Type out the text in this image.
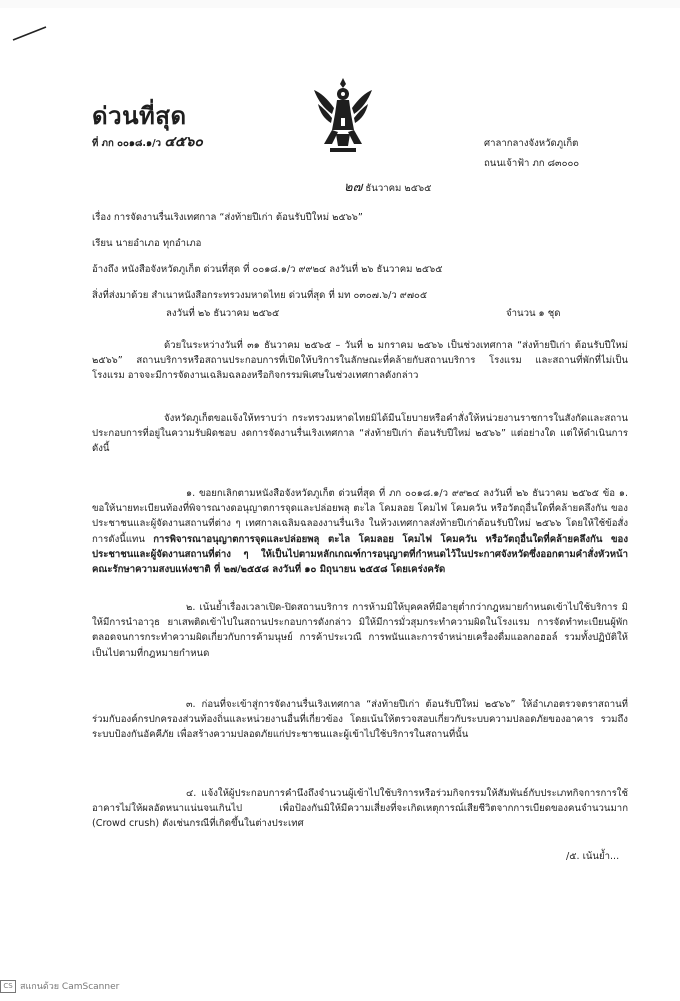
ด่วนที่สุด
ที่ ภก ๐๐๑๘.๑/ว ๔๕๖๐	ศาลากลางจังหวัดภูเก็ต
ถนนเจ้าฟ้า ภก ๘๓๐๐๐
๒๗ ธันวาคม ๒๕๖๕
เรื่อง การจัดงานรื่นเริงเทศกาล “ส่งท้ายปีเก่า ต้อนรับปีใหม่ ๒๕๖๖”
เรียน นายอำเภอ ทุกอำเภอ
อ้างถึง หนังสือจังหวัดภูเก็ต ด่วนที่สุด ที่ ๐๐๑๘.๑/ว ๙๙๒๔ ลงวันที่ ๒๖ ธันวาคม ๒๕๖๕
สิ่งที่ส่งมาด้วย สำเนาหนังสือกระทรวงมหาดไทย ด่วนที่สุด ที่ มท ๐๓๐๗.๖/ว ๙๗๐๕
ลงวันที่ ๒๖ ธันวาคม ๒๕๖๕	จำนวน ๑ ชุด
ด้วยในระหว่างวันที่ ๓๑ ธันวาคม ๒๕๖๕ – วันที่ ๒ มกราคม ๒๕๖๖ เป็นช่วงเทศกาล “ส่งท้ายปีเก่า ต้อนรับปีใหม่ ๒๕๖๖” สถานบริการหรือสถานประกอบการที่เปิดให้บริการในลักษณะที่คล้ายกับสถานบริการ โรงแรม และสถานที่พักที่ไม่เป็นโรงแรม อาจจะมีการจัดงานเฉลิมฉลองหรือกิจกรรมพิเศษในช่วงเทศกาลดังกล่าว
จังหวัดภูเก็ตขอแจ้งให้ทราบว่า กระทรวงมหาดไทยมิได้มีนโยบายหรือคำสั่งให้หน่วยงานราชการในสังกัดและสถานประกอบการที่อยู่ในความรับผิดชอบ งดการจัดงานรื่นเริงเทศกาล “ส่งท้ายปีเก่า ต้อนรับปีใหม่ ๒๕๖๖” แต่อย่างใด แต่ให้ดำเนินการ ดังนี้
๑. ขอยกเลิกตามหนังสือจังหวัดภูเก็ต ด่วนที่สุด ที่ ภก ๐๐๑๘.๑/ว ๙๙๒๔ ลงวันที่ ๒๖ ธันวาคม ๒๕๖๕ ข้อ ๑. ขอให้นายทะเบียนท้องที่พิจารณางดอนุญาตการจุดและปล่อยพลุ ตะไล โคมลอย โคมไฟ โคมควัน หรือวัตถุอื่นใดที่คล้ายคลึงกัน ของประชาชนและผู้จัดงานสถานที่ต่าง ๆ เทศกาลเฉลิมฉลองงานรื่นเริง ในห้วงเทศกาลส่งท้ายปีเก่าต้อนรับปีใหม่ ๒๕๖๖ โดยให้ใช้ข้อสั่งการดังนี้แทน การพิจารณาอนุญาตการจุดและปล่อยพลุ ตะไล โคมลอย โคมไฟ โคมควัน หรือวัตถุอื่นใดที่คล้ายคลึงกัน ของประชาชนและผู้จัดงานสถานที่ต่าง ๆ ให้เป็นไปตามหลักเกณฑ์การอนุญาตที่กำหนดไว้ในประกาศจังหวัดซึ่งออกตามคำสั่งหัวหน้าคณะรักษาความสงบแห่งชาติ ที่ ๒๗/๒๕๕๘ ลงวันที่ ๑๐ มิถุนายน ๒๕๕๘ โดยเคร่งครัด
๒. เน้นย้ำเรื่องเวลาเปิด-ปิดสถานบริการ การห้ามมิให้บุคคลที่มีอายุต่ำกว่ากฎหมายกำหนดเข้าไปใช้บริการ มิให้มีการนำอาวุธ ยาเสพติดเข้าไปในสถานประกอบการดังกล่าว มิให้มีการมั่วสุมกระทำความผิดในโรงแรม การจัดทำทะเบียนผู้พัก ตลอดจนการกระทำความผิดเกี่ยวกับการค้ามนุษย์ การค้าประเวณี การพนันและการจำหน่ายเครื่องดื่มแอลกอฮอล์ รวมทั้งปฏิบัติให้เป็นไปตามที่กฎหมายกำหนด
๓. ก่อนที่จะเข้าสู่การจัดงานรื่นเริงเทศกาล “ส่งท้ายปีเก่า ต้อนรับปีใหม่ ๒๕๖๖” ให้อำเภอตรวจตราสถานที่ร่วมกับองค์กรปกครองส่วนท้องถิ่นและหน่วยงานอื่นที่เกี่ยวข้อง โดยเน้นให้ตรวจสอบเกี่ยวกับระบบความปลอดภัยของอาคาร รวมถึงระบบป้องกันอัคคีภัย เพื่อสร้างความปลอดภัยแก่ประชาชนและผู้เข้าไปใช้บริการในสถานที่นั้น
๔. แจ้งให้ผู้ประกอบการคำนึงถึงจำนวนผู้เข้าไปใช้บริการหรือร่วมกิจกรรมให้สัมพันธ์กับประเภทกิจการการใช้อาคารไม่ให้ผลอัดหนาแน่นจนเกินไป เพื่อป้องกันมิให้มีความเสี่ยงที่จะเกิดเหตุการณ์เสียชีวิตจากการเบียดของคนจำนวนมาก (Crowd crush) ดังเช่นกรณีที่เกิดขึ้นในต่างประเทศ
/๕. เน้นย้ำ...
CS สแกนด้วย CamScanner
